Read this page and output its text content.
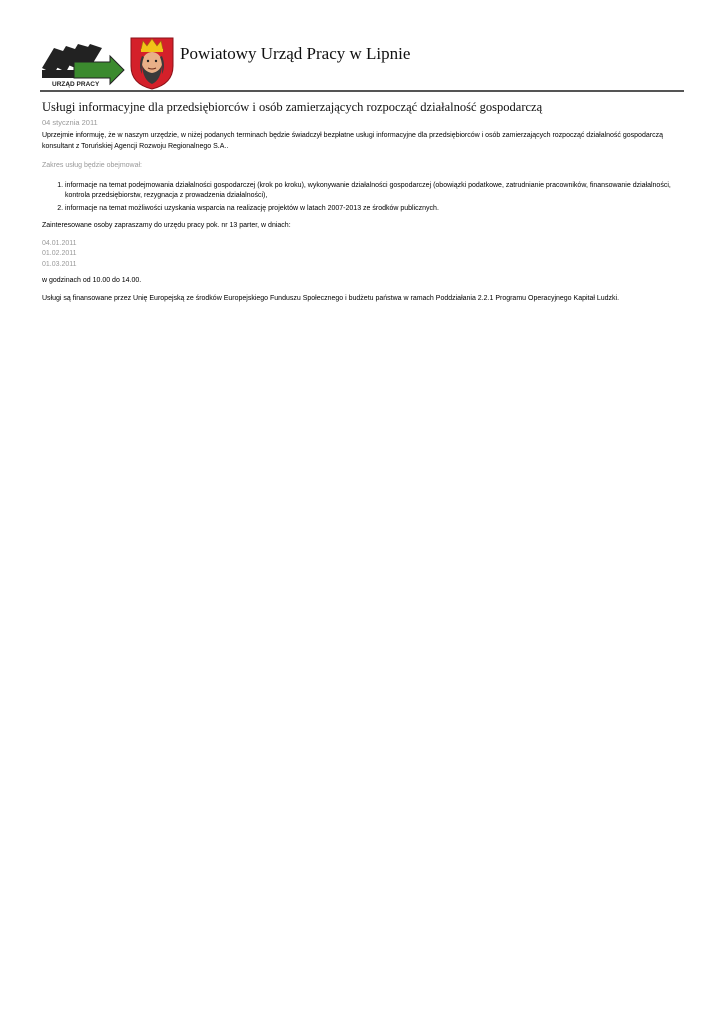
URZĄD PRACY
Powiatowy Urząd Pracy w Lipnie
Usługi informacyjne dla przedsiębiorców i osób zamierzających rozpocząć działalność gospodarczą
04 stycznia 2011

Uprzejmie informuję, że w naszym urzędzie, w niżej podanych terminach będzie świadczył bezpłatne usługi informacyjne dla przedsiębiorców i osób zamierzających rozpocząć działalność gospodarczą konsultant z Toruńskiej Agencji Rozwoju Regionalnego S.A..

Zakres usług będzie obejmował:

1. informacje na temat podejmowania działalności gospodarczej (krok po kroku), wykonywanie działalności gospodarczej (obowiązki podatkowe, zatrudnianie pracowników, finansowanie działalności, kontrola przedsiębiorstw, rezygnacja z prowadzenia działalności),
2. informacje na temat możliwości uzyskania wsparcia na realizację projektów w latach 2007-2013 ze środków publicznych.

Zainteresowane osoby zapraszamy do urzędu pracy pok. nr 13 parter, w dniach:

04.01.2011
01.02.2011
01.03.2011

w godzinach od 10.00 do 14.00.

Usługi są finansowane przez Unię Europejską ze środków Europejskiego Funduszu Społecznego i budżetu państwa w ramach Poddziałania 2.2.1 Programu Operacyjnego Kapitał Ludzki.
